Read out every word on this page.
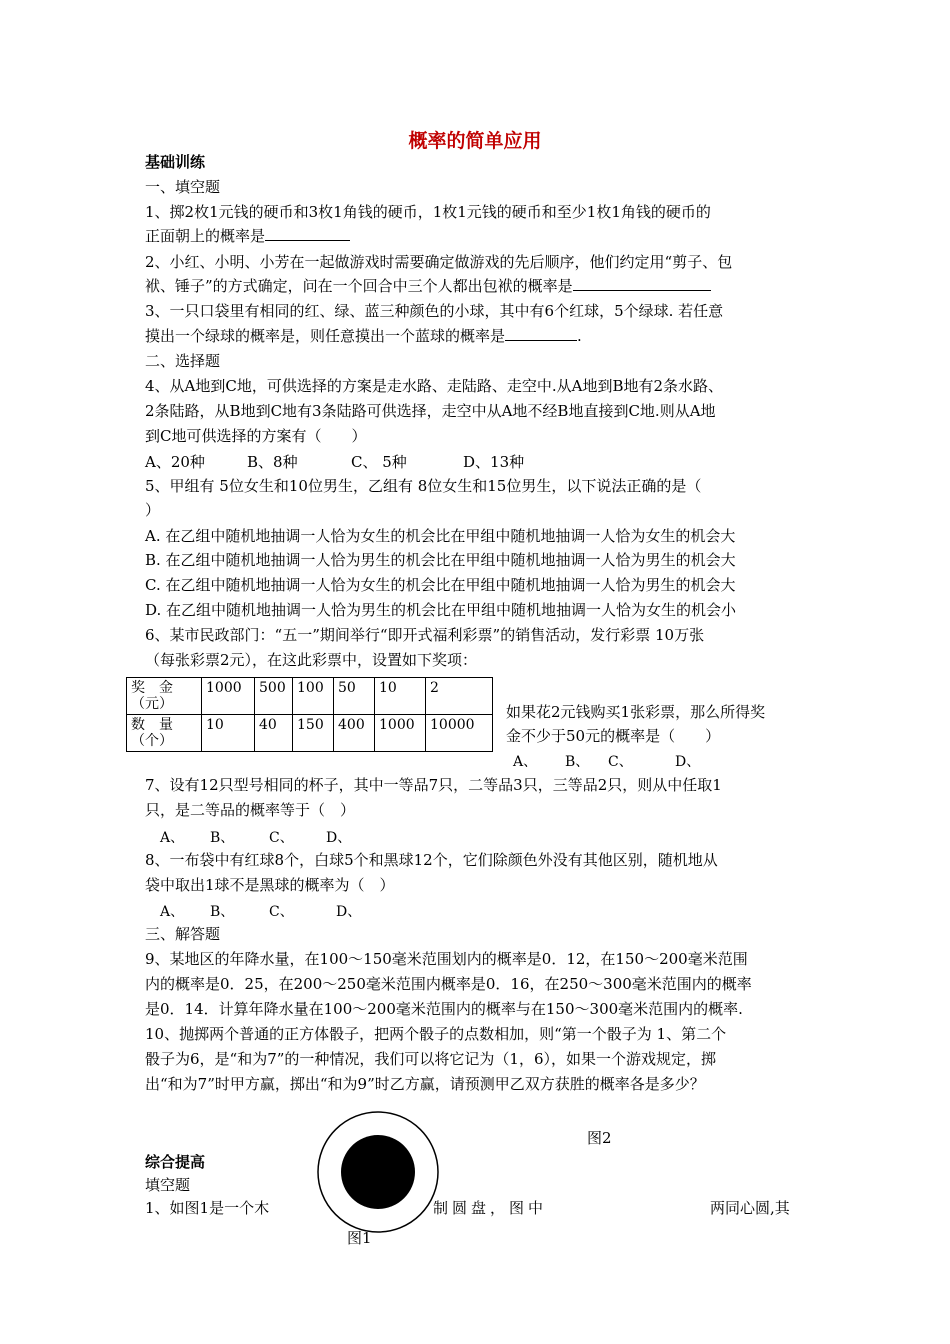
概率的简单应用
基础训练
一、填空题
1、掷2枚1元钱的硬币和3枚1角钱的硬币，1枚1元钱的硬币和至少1枚1角钱的硬币的
正面朝上的概率是
2、小红、小明、小芳在一起做游戏时需要确定做游戏的先后顺序，他们约定用“剪子、包
袱、锤子”的方式确定，问在一个回合中三个人都出包袱的概率是
3、一只口袋里有相同的红、绿、蓝三种颜色的小球，其中有6个红球，5个绿球. 若任意
摸出一个绿球的概率是，则任意摸出一个蓝球的概率是	.
二、选择题
4、从A地到C地，可供选择的方案是走水路、走陆路、走空中.从A地到B地有2条水路、
2条陆路，从B地到C地有3条陆路可供选择，走空中从A地不经B地直接到C地.则从A地
到C地可供选择的方案有（　　）
A、20种	B、8种	C、 5种	D、13种
5、甲组有 5位女生和10位男生，乙组有 8位女生和15位男生，以下说法正确的是（
）
A. 在乙组中随机地抽调一人恰为女生的机会比在甲组中随机地抽调一人恰为女生的机会大
B. 在乙组中随机地抽调一人恰为男生的机会比在甲组中随机地抽调一人恰为男生的机会大
C. 在乙组中随机地抽调一人恰为女生的机会比在甲组中随机地抽调一人恰为男生的机会大
D. 在乙组中随机地抽调一人恰为男生的机会比在甲组中随机地抽调一人恰为女生的机会小
6、某市民政部门：“五一”期间举行“即开式福利彩票”的销售活动，发行彩票 10万张
（每张彩票2元），在这此彩票中，设置如下奖项：
奖　金（元）	1000	500	100	50	10	2
数　量（个）	10	40	150	400	1000	10000
如果花2元钱购买1张彩票，那么所得奖
金不少于50元的概率是（　　）
A、 B、 C、	D、
7、设有12只型号相同的杯子，其中一等品7只，二等品3只，三等品2只，则从中任取1
只，是二等品的概率等于（　）
A、 B、 C、 D、
8、一布袋中有红球8个，白球5个和黑球12个，它们除颜色外没有其他区别，随机地从
袋中取出1球不是黑球的概率为（　）
A、 B、 C、	D、
三、解答题
9、某地区的年降水量，在100～150毫米范围划内的概率是0．12，在150～200毫米范围
内的概率是0．25，在200～250毫米范围内概率是0．16，在250～300毫米范围内的概率
是0．14．计算年降水量在100～200毫米范围内的概率与在150～300毫米范围内的概率.
10、抛掷两个普通的正方体骰子，把两个骰子的点数相加，则“第一个骰子为 1、第二个
骰子为6，是“和为7”的一种情况，我们可以将它记为（1，6），如果一个游戏规定，掷
出“和为7”时甲方赢，掷出“和为9”时乙方赢，请预测甲乙双方获胜的概率各是多少？
图2
综合提高
填空题
1、如图1是一个木	制圆盘，图中	两同心圆,其
图1
